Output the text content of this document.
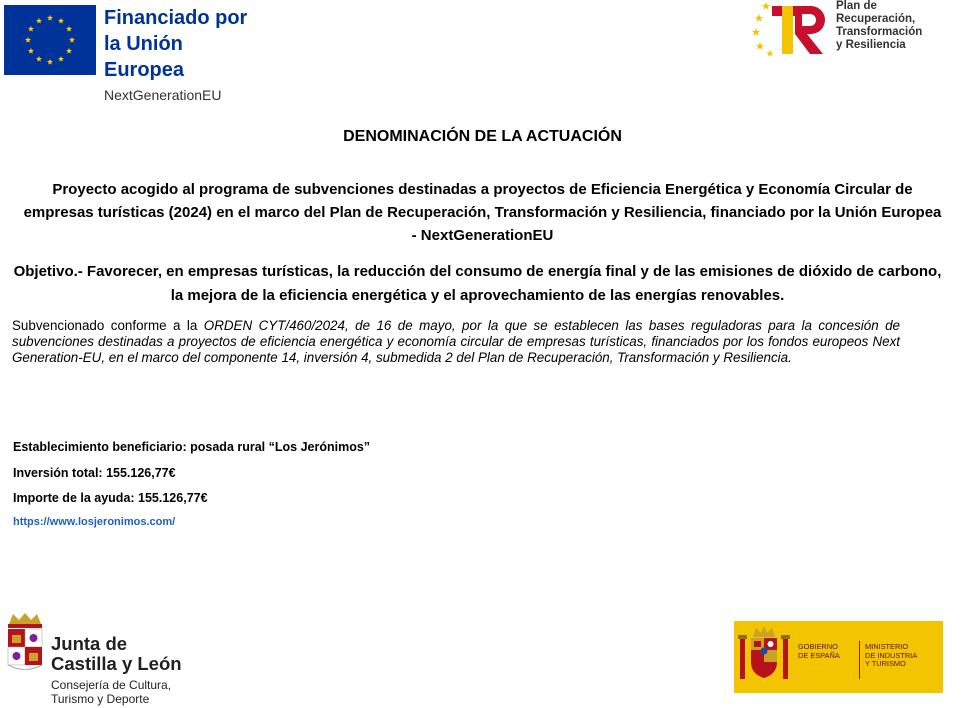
Financiado por
la Unión Europea
NextGenerationEU
Plan de
Recuperación,
Transformación
y Resiliencia
DENOMINACIÓN DE LA ACTUACIÓN
Proyecto acogido al programa de subvenciones destinadas a proyectos de Eficiencia Energética y Economía Circular de empresas turísticas (2024) en el marco del Plan de Recuperación, Transformación y Resiliencia, financiado por la Unión Europea - NextGenerationEU
Objetivo.- Favorecer, en empresas turísticas, la reducción del consumo de energía final y de las emisiones de dióxido de carbono, la mejora de la eficiencia energética y el aprovechamiento de las energías renovables.
Subvencionado conforme a la ORDEN CYT/460/2024, de 16 de mayo, por la que se establecen las bases reguladoras para la concesión de subvenciones destinadas a proyectos de eficiencia energética y economía circular de empresas turísticas, financiados por los fondos europeos Next Generation-EU, en el marco del componente 14, inversión 4, submedida 2 del Plan de Recuperación, Transformación y Resiliencia.
Establecimiento beneficiario: posada rural “Los Jerónimos”
Inversión total: 155.126,77€
Importe de la ayuda: 155.126,77€
https://www.losjeronimos.com/
Junta de
Castilla y León
Consejería de Cultura,
Turismo y Deporte
GOBIERNO
DE ESPAÑA
MINISTERIO
DE INDUSTRIA
Y TURISMO
